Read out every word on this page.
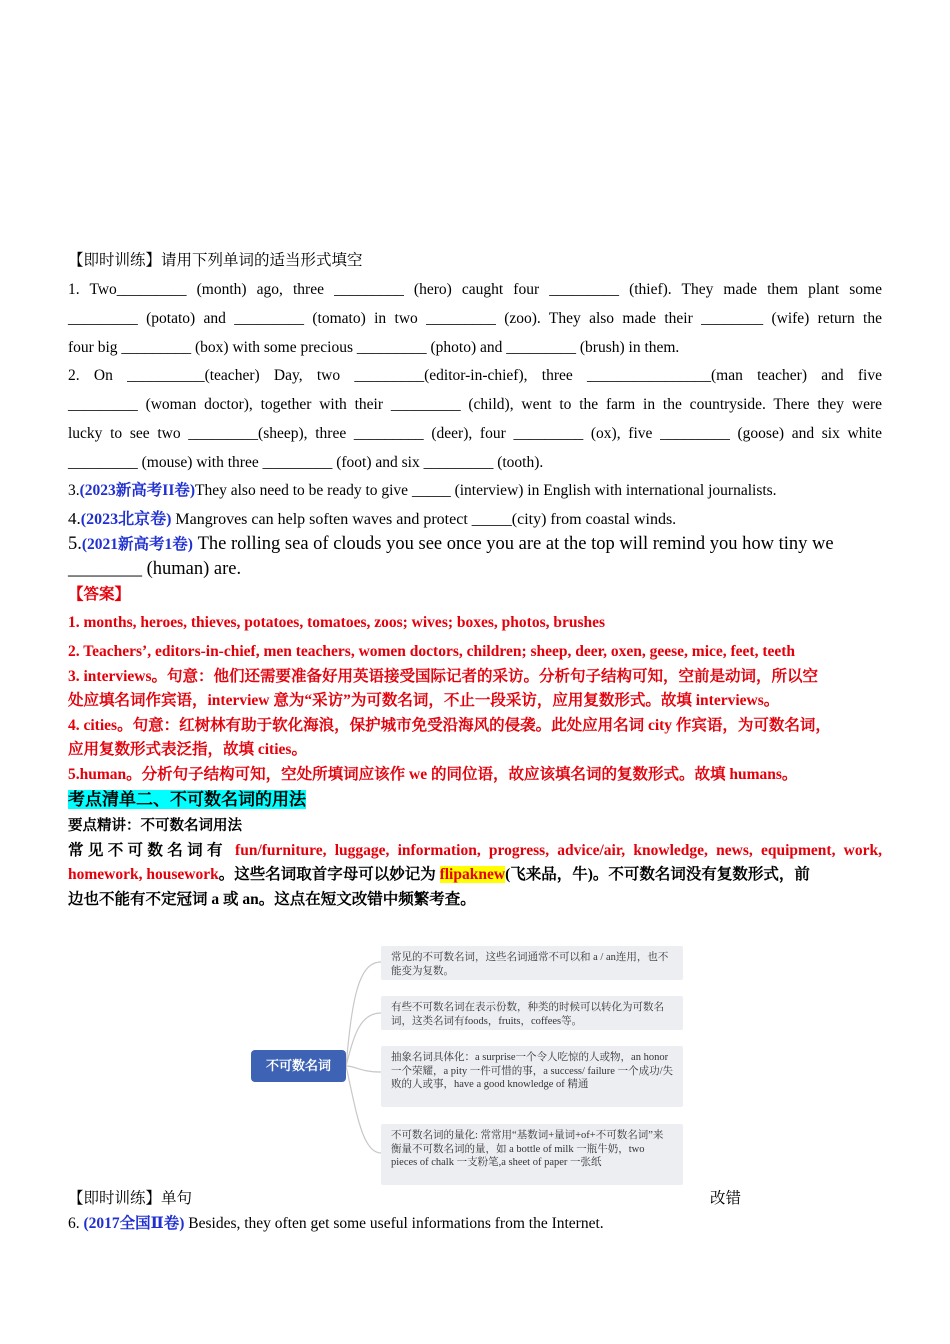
【即时训练】请用下列单词的适当形式填空
1. Two_________ (month) ago, three _________ (hero) caught four _________ (thief). They made them plant some
_________ (potato) and _________ (tomato) in two _________ (zoo). They also made their ________ (wife) return the
four big _________ (box) with some precious _________ (photo) and _________ (brush) in them.
2. On __________(teacher) Day, two _________(editor-in-chief), three ________________(man teacher) and five
_________ (woman doctor), together with their _________ (child), went to the farm in the countryside. There they were
lucky to see two _________(sheep), three _________ (deer), four _________ (ox), five _________ (goose) and six white
_________ (mouse) with three _________ (foot) and six _________ (tooth).
3.(2023新高考II卷)They also need to be ready to give _____ (interview) in English with international journalists.
4.(2023北京卷) Mangroves can help soften waves and protect _____(city) from coastal winds.
5.(2021新高考1卷) The rolling sea of clouds you see once you are at the top will remind you how tiny we
________ (human) are.
【答案】
1. months, heroes, thieves, potatoes, tomatoes, zoos; wives; boxes, photos, brushes
2. Teachers’, editors-in-chief, men teachers, women doctors, children; sheep, deer, oxen, geese, mice, feet, teeth
3. interviews。句意：他们还需要准备好用英语接受国际记者的采访。分析句子结构可知，空前是动词，所以空
处应填名词作宾语，interview 意为“采访”为可数名词，不止一段采访，应用复数形式。故填 interviews。
4. cities。句意：红树林有助于软化海浪，保护城市免受沿海风的侵袭。此处应用名词 city 作宾语，为可数名词，
应用复数形式表泛指，故填 cities。
5.human。分析句子结构可知，空处所填词应该作 we 的同位语，故应该填名词的复数形式。故填 humans。
考点清单二、不可数名词的用法
要点精讲：不可数名词用法
常见不可数名词有 fun/furniture, luggage, information, progress, advice/air, knowledge, news, equipment, work,
homework, housework。这些名词取首字母可以妙记为 flipaknew(飞来品，牛)。不可数名词没有复数形式，前
边也不能有不定冠词 a 或 an。这点在短文改错中频繁考查。
不可数名词
常见的不可数名词，这些名词通常不可以和 a / an连用，也不能变为复数。
有些不可数名词在表示份数，种类的时候可以转化为可数名词，这类名词有foods，fruits，coffees等。
抽象名词具体化：a surprise一个令人吃惊的人或物，an honor一个荣耀，a pity 一件可惜的事，a success/ failure 一个成功/失败的人或事，have a good knowledge of 精通
不可数名词的量化: 常常用“基数词+量词+of+不可数名词”来衡量不可数名词的量，如 a bottle of milk 一瓶牛奶，two pieces of chalk 一支粉笔,a sheet of paper 一张纸
【即时训练】单句	改错
6. (2017全国Ⅱ卷) Besides, they often get some useful informations from the Internet.
